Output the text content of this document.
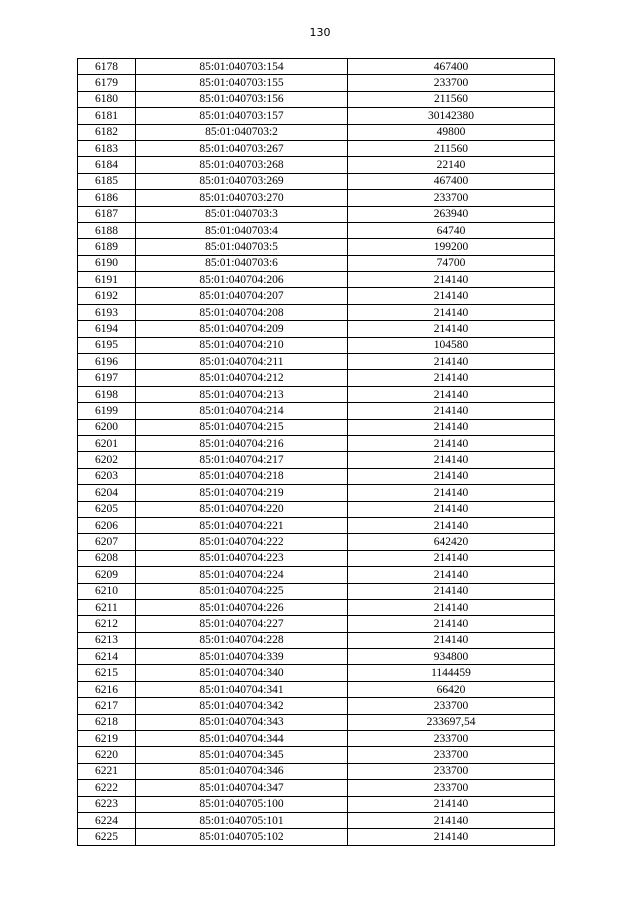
130
6178	85:01:040703:154	467400
6179	85:01:040703:155	233700
6180	85:01:040703:156	211560
6181	85:01:040703:157	30142380
6182	85:01:040703:2	49800
6183	85:01:040703:267	211560
6184	85:01:040703:268	22140
6185	85:01:040703:269	467400
6186	85:01:040703:270	233700
6187	85:01:040703:3	263940
6188	85:01:040703:4	64740
6189	85:01:040703:5	199200
6190	85:01:040703:6	74700
6191	85:01:040704:206	214140
6192	85:01:040704:207	214140
6193	85:01:040704:208	214140
6194	85:01:040704:209	214140
6195	85:01:040704:210	104580
6196	85:01:040704:211	214140
6197	85:01:040704:212	214140
6198	85:01:040704:213	214140
6199	85:01:040704:214	214140
6200	85:01:040704:215	214140
6201	85:01:040704:216	214140
6202	85:01:040704:217	214140
6203	85:01:040704:218	214140
6204	85:01:040704:219	214140
6205	85:01:040704:220	214140
6206	85:01:040704:221	214140
6207	85:01:040704:222	642420
6208	85:01:040704:223	214140
6209	85:01:040704:224	214140
6210	85:01:040704:225	214140
6211	85:01:040704:226	214140
6212	85:01:040704:227	214140
6213	85:01:040704:228	214140
6214	85:01:040704:339	934800
6215	85:01:040704:340	1144459
6216	85:01:040704:341	66420
6217	85:01:040704:342	233700
6218	85:01:040704:343	233697,54
6219	85:01:040704:344	233700
6220	85:01:040704:345	233700
6221	85:01:040704:346	233700
6222	85:01:040704:347	233700
6223	85:01:040705:100	214140
6224	85:01:040705:101	214140
6225	85:01:040705:102	214140
